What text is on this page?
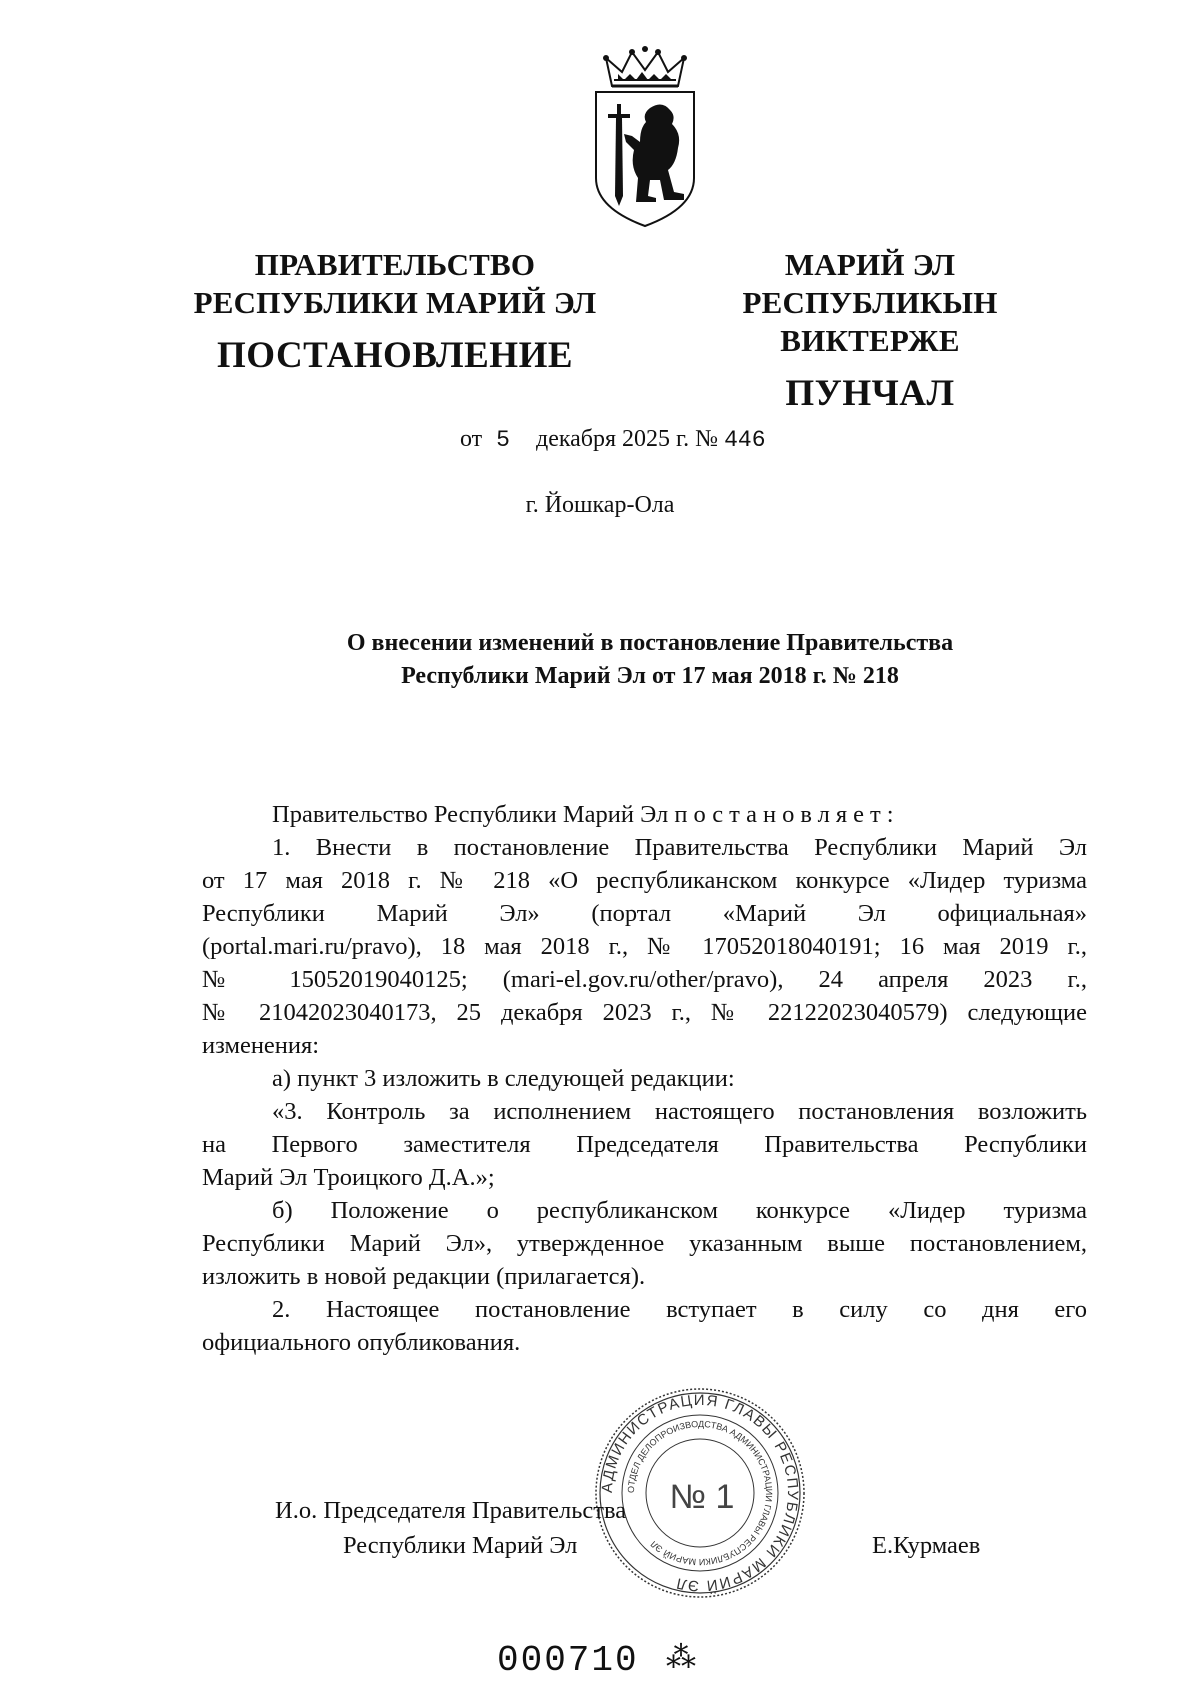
ПРАВИТЕЛЬСТВО
РЕСПУБЛИКИ МАРИЙ ЭЛ
ПОСТАНОВЛЕНИЕ
МАРИЙ ЭЛ РЕСПУБЛИКЫН
ВИКТЕРЖЕ
ПУНЧАЛ
от 5 декабря 2025 г. № 446
г. Йошкар-Ола
О внесении изменений в постановление Правительства
Республики Марий Эл от 17 мая 2018 г. № 218

Правительство Республики Марий Эл постановляет:

1. Внести в постановление Правительства Республики Марий Эл

от 17 мая 2018 г. № 218 «О республиканском конкурсе «Лидер туризма

Республики Марий Эл» (портал «Марий Эл официальная»

(portal.mari.ru/pravo), 18 мая 2018 г., № 17052018040191; 16 мая 2019 г.,

№ 15052019040125; (mari-el.gov.ru/other/pravo), 24 апреля 2023 г.,

№ 21042023040173, 25 декабря 2023 г., № 22122023040579) следующие

изменения:

а) пункт 3 изложить в следующей редакции:

«3. Контроль за исполнением настоящего постановления возложить

на Первого заместителя Председателя Правительства Республики

Марий Эл Троицкого Д.А.»;

б) Положение о республиканском конкурсе «Лидер туризма

Республики Марий Эл», утвержденное указанным выше постановлением,

изложить в новой редакции (прилагается).

2. Настоящее постановление вступает в силу со дня его

официального опубликования.

АДМИНИСТРАЦИЯ ГЛАВЫ РЕСПУБЛИКИ МАРИЙ ЭЛ
ОТДЕЛ ДЕЛОПРОИЗВОДСТВА АДМИНИСТРАЦИИ ГЛАВЫ РЕСПУБЛИКИ МАРИЙ ЭЛ
№ 1
И.о. Председателя Правительства
Республики Марий Эл	Е.Курмаев
000710 ⁂
